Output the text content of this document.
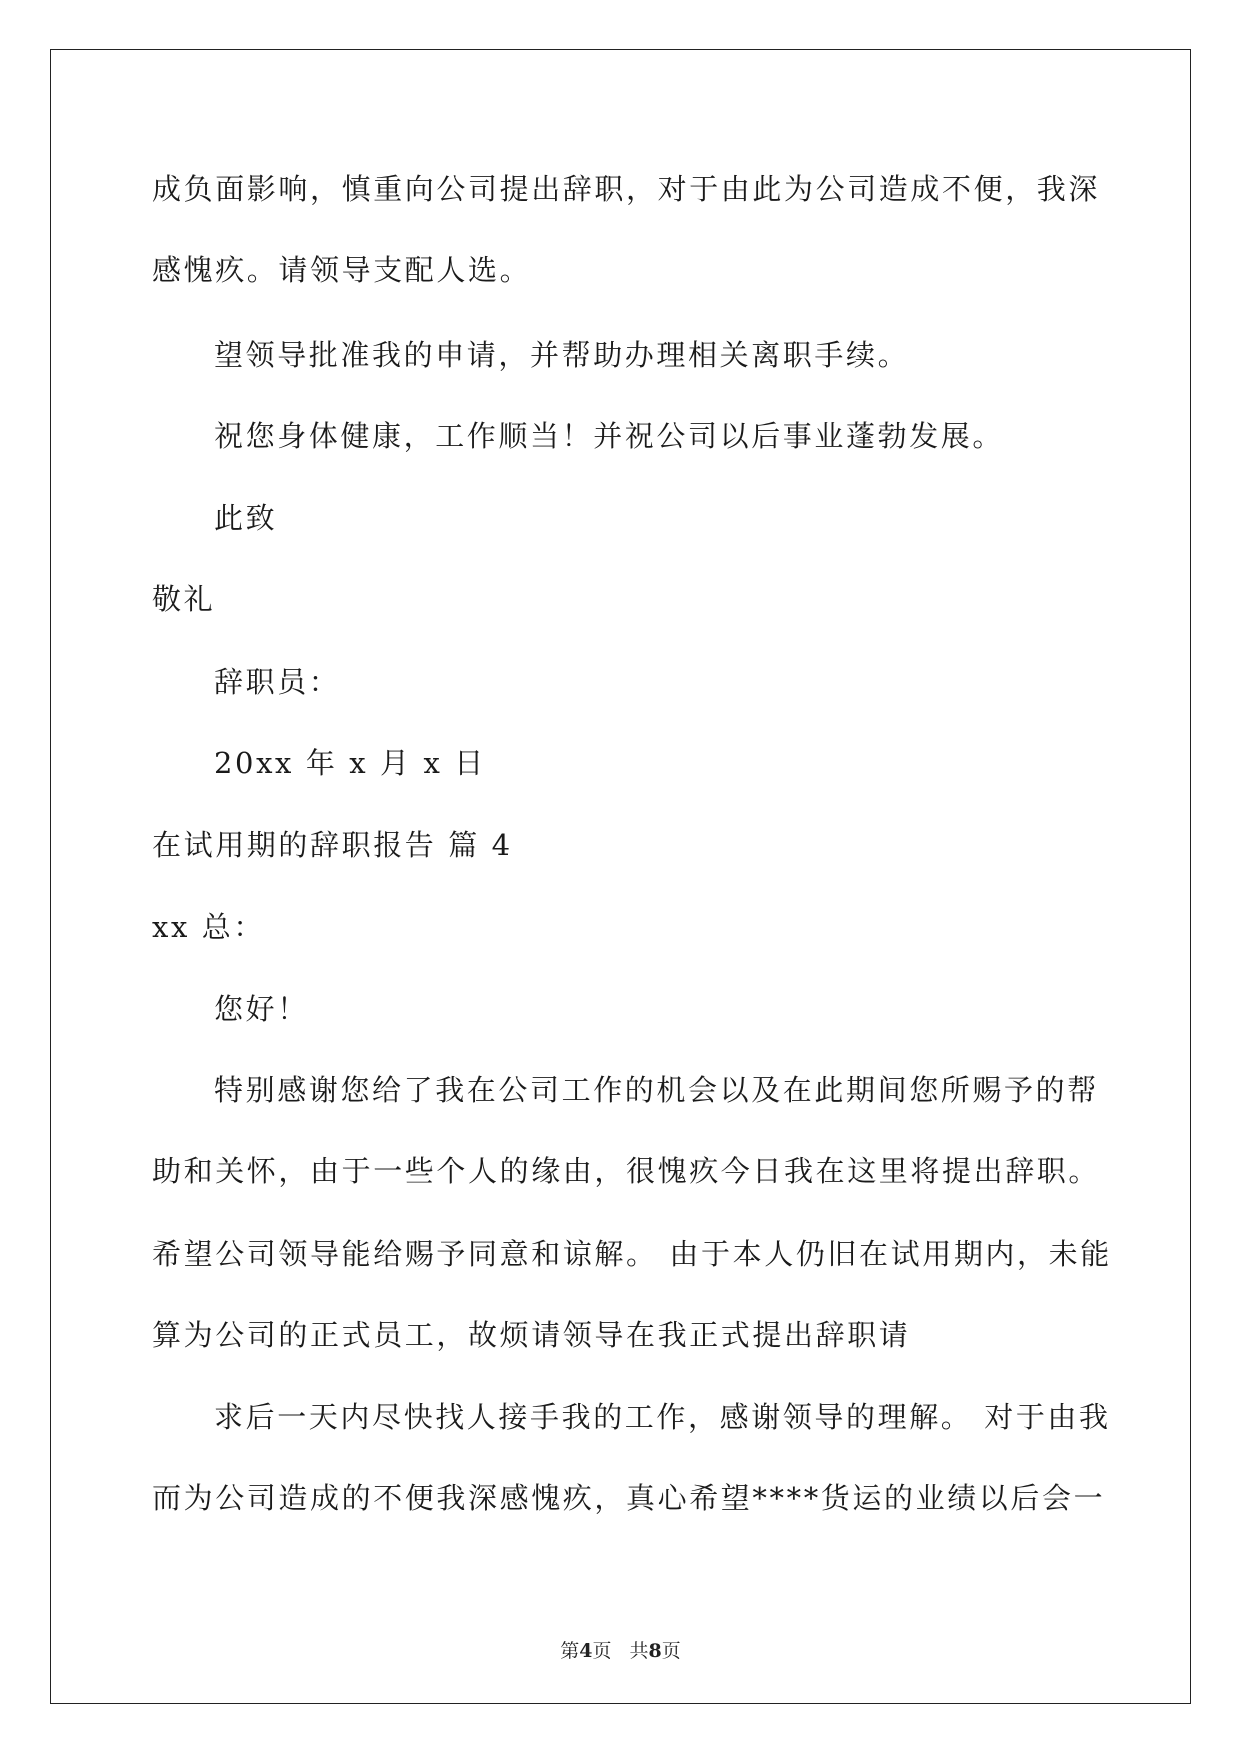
成负面影响，慎重向公司提出辞职，对于由此为公司造成不便，我深
感愧疚。请领导支配人选。
望领导批准我的申请，并帮助办理相关离职手续。
祝您身体健康，工作顺当！并祝公司以后事业蓬勃发展。
此致
敬礼
辞职员：
20xx 年 x 月 x 日
在试用期的辞职报告 篇 4
xx 总：
您好！
特别感谢您给了我在公司工作的机会以及在此期间您所赐予的帮
助和关怀，由于一些个人的缘由，很愧疚今日我在这里将提出辞职。
希望公司领导能给赐予同意和谅解。 由于本人仍旧在试用期内，未能
算为公司的正式员工，故烦请领导在我正式提出辞职请
求后一天内尽快找人接手我的工作，感谢领导的理解。 对于由我
而为公司造成的不便我深感愧疚，真心希望****货运的业绩以后会一
第4页 共8页
